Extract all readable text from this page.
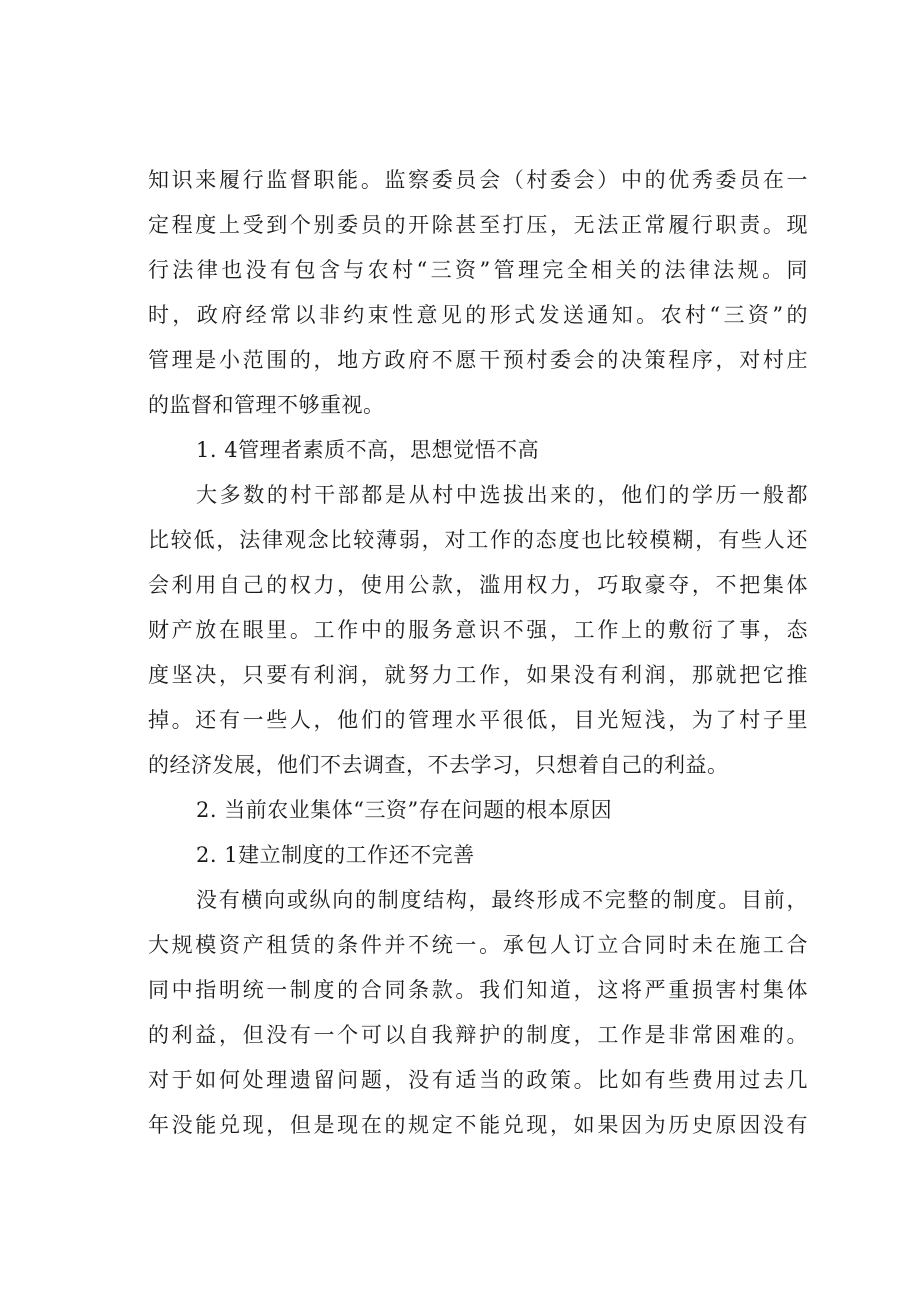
知识来履行监督职能。监察委员会（村委会）中的优秀委员在一
定程度上受到个别委员的开除甚至打压，无法正常履行职责。现
行法律也没有包含与农村“三资”管理完全相关的法律法规。同
时，政府经常以非约束性意见的形式发送通知。农村“三资”的
管理是小范围的，地方政府不愿干预村委会的决策程序，对村庄
的监督和管理不够重视。
1. 4管理者素质不高，思想觉悟不高
大多数的村干部都是从村中选拔出来的，他们的学历一般都
比较低，法律观念比较薄弱，对工作的态度也比较模糊，有些人还
会利用自己的权力，使用公款，滥用权力，巧取豪夺，不把集体
财产放在眼里。工作中的服务意识不强，工作上的敷衍了事，态
度坚决，只要有利润，就努力工作，如果没有利润，那就把它推
掉。还有一些人，他们的管理水平很低，目光短浅，为了村子里
的经济发展，他们不去调查，不去学习，只想着自己的利益。
2. 当前农业集体“三资”存在问题的根本原因
2. 1建立制度的工作还不完善
没有横向或纵向的制度结构，最终形成不完整的制度。目前，
大规模资产租赁的条件并不统一。承包人订立合同时未在施工合
同中指明统一制度的合同条款。我们知道，这将严重损害村集体
的利益，但没有一个可以自我辩护的制度，工作是非常困难的。
对于如何处理遗留问题，没有适当的政策。比如有些费用过去几
年没能兑现，但是现在的规定不能兑现，如果因为历史原因没有
